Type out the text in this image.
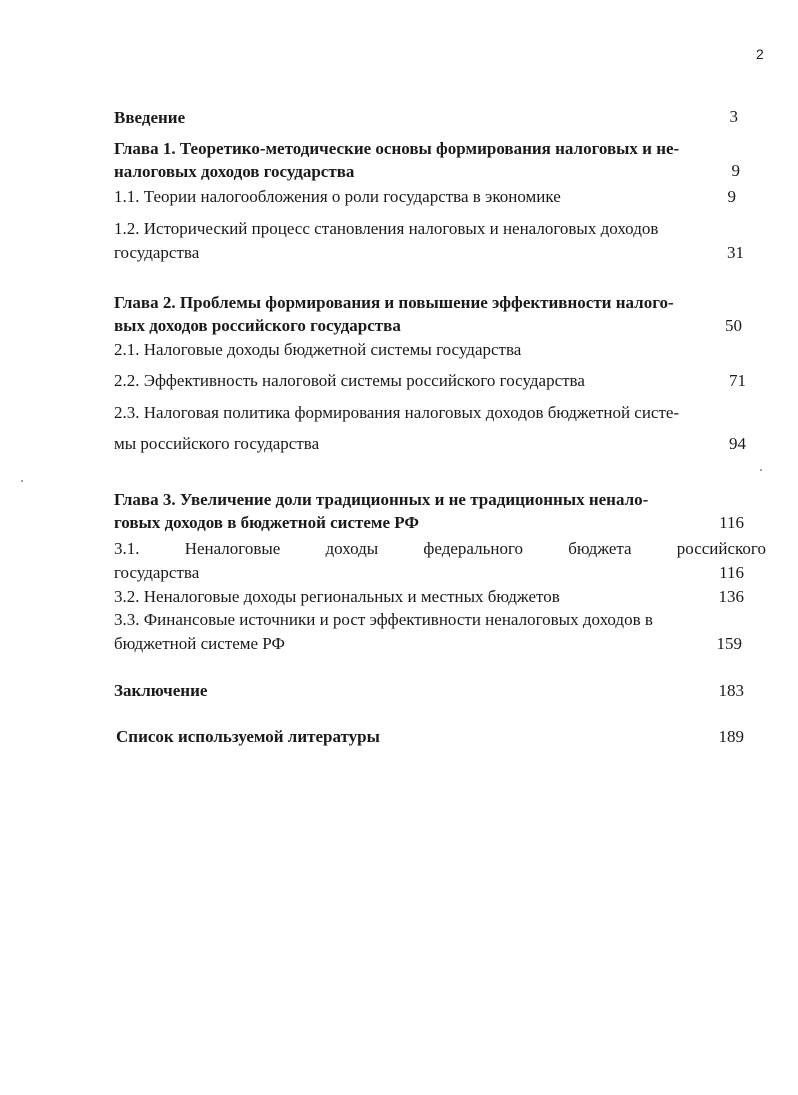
2
Введение	3
Глава 1. Теоретико-методические основы формирования налоговых и не-
налоговых доходов государства	9
1.1. Теории налогообложения о роли государства в экономике	9
1.2. Исторический процесс становления налоговых и неналоговых доходов
государства	31
Глава 2. Проблемы формирования и повышение эффективности налого-
вых доходов российского государства	50
2.1. Налоговые доходы бюджетной системы государства
2.2. Эффективность налоговой системы российского государства	71
2.3. Налоговая политика формирования налоговых доходов бюджетной систе-
мы российского государства	94
Глава 3. Увеличение доли традиционных и не традиционных ненало-
говых доходов в бюджетной системе РФ	116
3.1.	Неналоговые	доходы	федерального	бюджета	российского
государства	116
3.2. Неналоговые доходы региональных и местных бюджетов	136
3.3. Финансовые источники и рост эффективности неналоговых доходов в
бюджетной системе РФ	159
Заключение	183
Список используемой литературы	189
